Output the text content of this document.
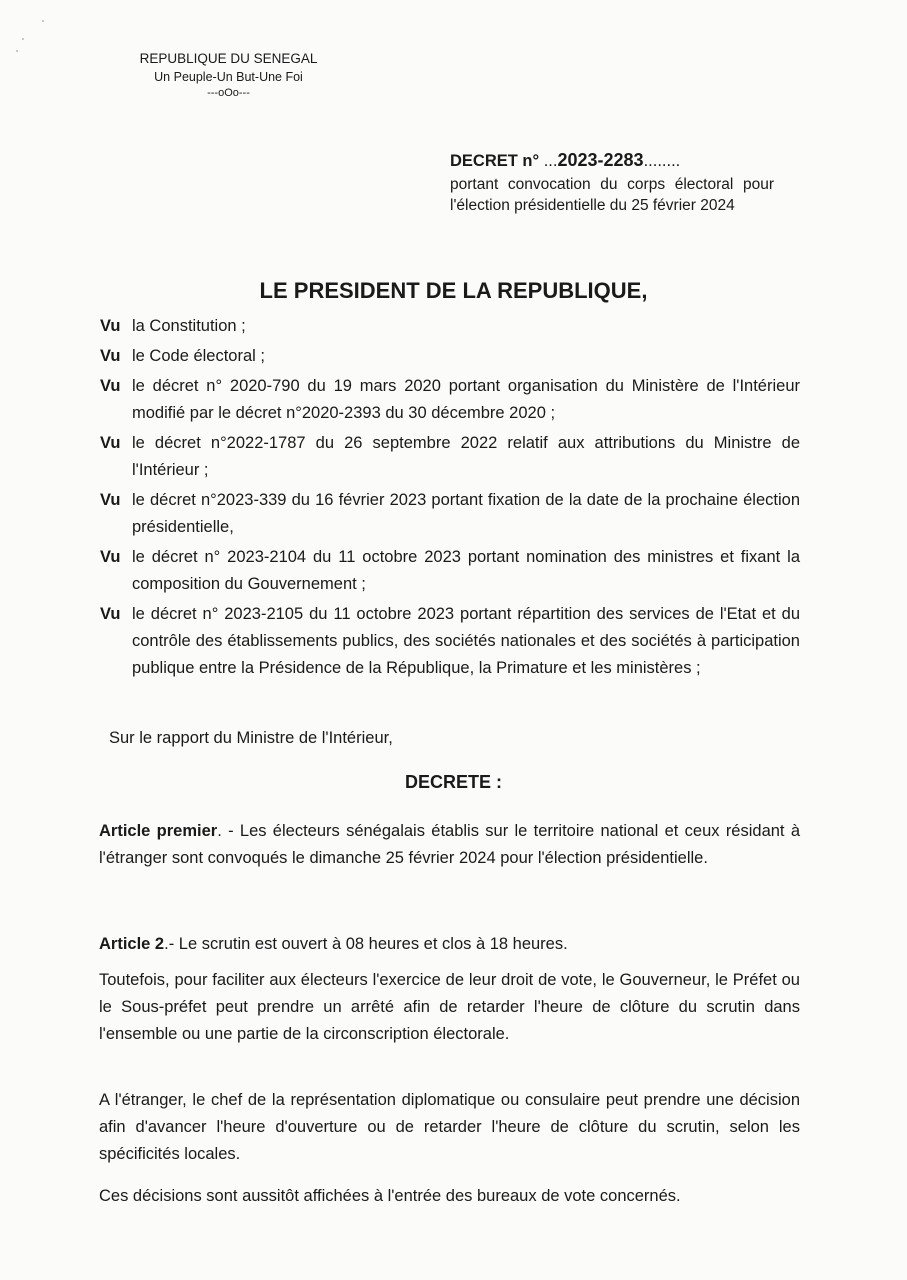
REPUBLIQUE DU SENEGAL
Un Peuple-Un But-Une Foi
---oOo---
DECRET n° ...2023-2283........
portant convocation du corps électoral pour l'élection présidentielle du 25 février 2024
LE PRESIDENT DE LA REPUBLIQUE,
Vu la Constitution ;
Vu le Code électoral ;
Vu le décret n° 2020-790 du 19 mars 2020 portant organisation du Ministère de l'Intérieur modifié par le décret n°2020-2393 du 30 décembre 2020 ;
Vu le décret n°2022-1787 du 26 septembre 2022 relatif aux attributions du Ministre de l'Intérieur ;
Vu le décret n°2023-339 du 16 février 2023 portant fixation de la date de la prochaine élection présidentielle,
Vu le décret n° 2023-2104 du 11 octobre 2023 portant nomination des ministres et fixant la composition du Gouvernement ;
Vu le décret n° 2023-2105 du 11 octobre 2023 portant répartition des services de l'Etat et du contrôle des établissements publics, des sociétés nationales et des sociétés à participation publique entre la Présidence de la République, la Primature et les ministères ;
Sur le rapport du Ministre de l'Intérieur,
DECRETE :
Article premier. - Les électeurs sénégalais établis sur le territoire national et ceux résidant à l'étranger sont convoqués le dimanche 25 février 2024 pour l'élection présidentielle.
Article 2.- Le scrutin est ouvert à 08 heures et clos à 18 heures.
Toutefois, pour faciliter aux électeurs l'exercice de leur droit de vote, le Gouverneur, le Préfet ou le Sous-préfet peut prendre un arrêté afin de retarder l'heure de clôture du scrutin dans l'ensemble ou une partie de la circonscription électorale.
A l'étranger, le chef de la représentation diplomatique ou consulaire peut prendre une décision afin d'avancer l'heure d'ouverture ou de retarder l'heure de clôture du scrutin, selon les spécificités locales.
Ces décisions sont aussitôt affichées à l'entrée des bureaux de vote concernés.
